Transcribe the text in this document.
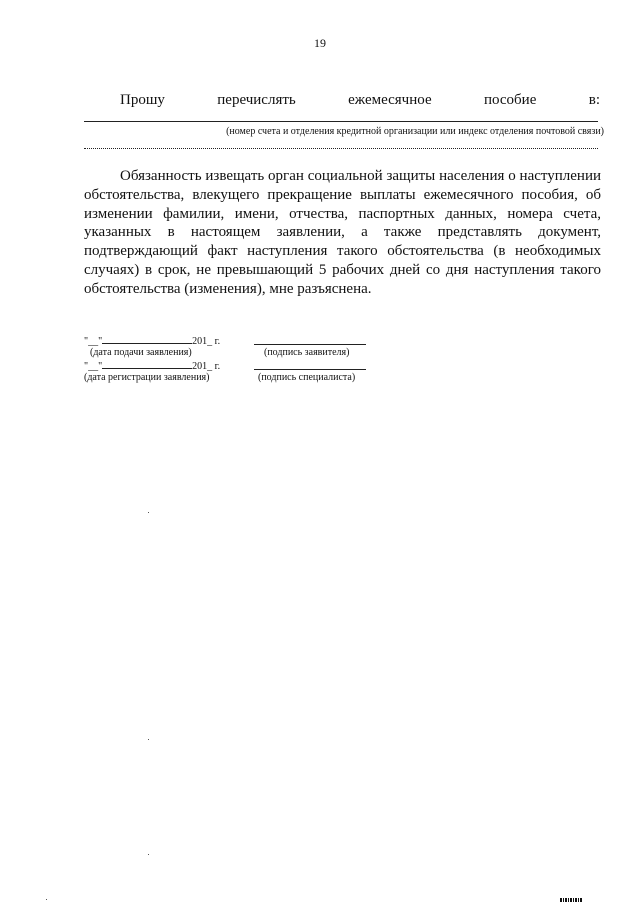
19
Прошу	перечислять	ежемесячное	пособие	в:
(номер счета и отделения кредитной организации или индекс отделения почтовой связи)

Обязанность извещать орган социальной защиты населения о наступлении обстоятельства, влекущего прекращение выплаты ежемесячного пособия, об изменении фамилии, имени, отчества, паспортных данных, номера счета, указанных в настоящем заявлении, а также представлять документ, подтверждающий факт наступления такого обстоятельства (в необходимых случаях) в срок, не превышающий 5 рабочих дней со дня наступления такого обстоятельства (изменения), мне разъяснена.

"__"	201_ г.
(дата подачи заявления)	(подпись заявителя)
"__"	201_ г.
(дата регистрации заявления)	(подпись специалиста)
